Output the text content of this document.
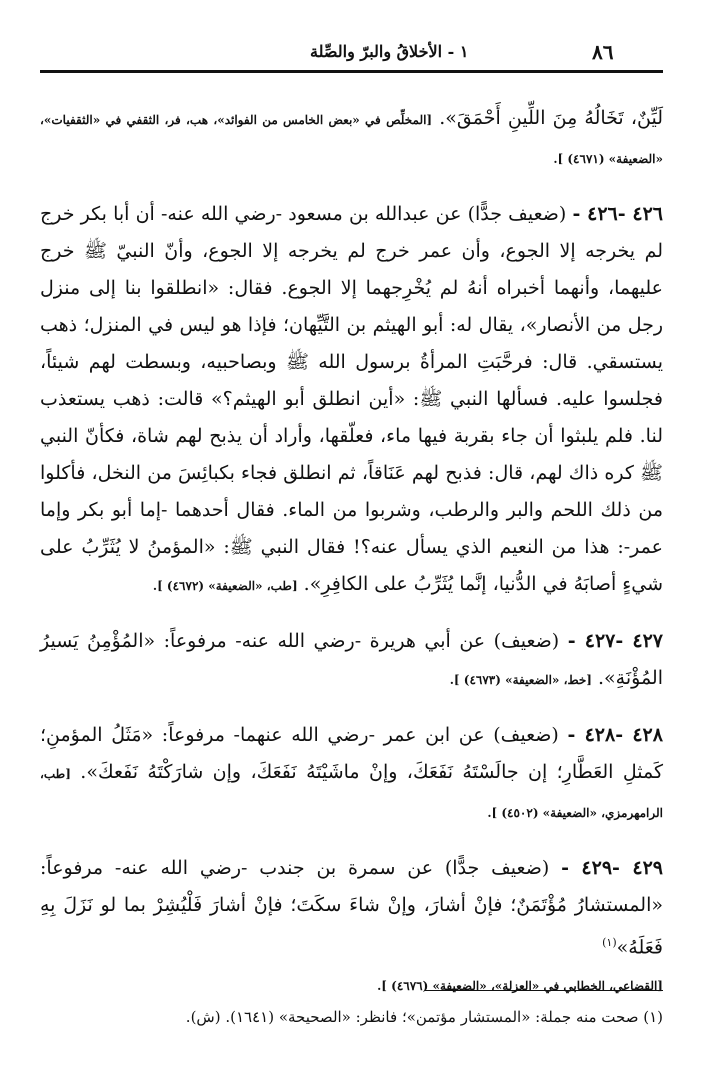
٨٦
١ - الأخلاقُ والبرّ والصِّلة

لَيِّنٌ، تَخَالُهُ مِنَ اللِّينِ أَحْمَقَ». [المخلِّص في «بعض الخامس من الفوائد»، هب، فر، الثقفي في «الثقفيات»، «الضعيفة» (٤٦٧١) ].

٤٢٦ -٤٢٦ - (ضعيف جدًّا) عن عبدالله بن مسعود -رضي الله عنه- أن أبا بكر خرج لم يخرجه إلا الجوع، وأن عمر خرج لم يخرجه إلا الجوع، وأنّ النبيّ ﷺ خرج عليهما، وأنهما أخبراه أنهُ لم يُخْرِجهما إلا الجوع. فقال: «انطلقوا بنا إلى منزل رجل من الأنصار»، يقال له: أبو الهيثم بن التَّيِّهان؛ فإذا هو ليس في المنزل؛ ذهب يستسقي. قال: فرحَّبَتِ المرأةُ برسول الله ﷺ وبصاحبيه، وبسطت لهم شيئاً، فجلسوا عليه. فسألها النبي ﷺ: «أين انطلق أبو الهيثم؟» قالت: ذهب يستعذب لنا. فلم يلبثوا أن جاء بقربة فيها ماء، فعلّقها، وأراد أن يذبح لهم شاة، فكأنّ النبي ﷺ كره ذاك لهم، قال: فذبح لهم عَنَاقاً، ثم انطلق فجاء بكبائِسَ من النخل، فأكلوا من ذلك اللحم والبر والرطب، وشربوا من الماء. فقال أحدهما -إما أبو بكر وإما عمر-: هذا من النعيم الذي يسأل عنه؟! فقال النبي ﷺ: «المؤمنُ لا يُثَرِّبُ على شيءٍ أصابَهُ في الدُّنيا، إنَّما يُثَرِّبُ على الكافِرِ». [طب، «الضعيفة» (٤٦٧٢) ].

٤٢٧ -٤٢٧ - (ضعيف) عن أبي هريرة -رضي الله عنه- مرفوعاً: «المُؤْمِنُ يَسيرُ المُؤْنَةِ». [خط، «الضعيفة» (٤٦٧٣) ].

٤٢٨ -٤٢٨ - (ضعيف) عن ابن عمر -رضي الله عنهما- مرفوعاً: «مَثَلُ المؤمنِ؛ كَمثلِ العَطَّارِ؛ إن جالَسْتَهُ نَفَعَكَ، وإنْ ماشَيْتَهُ نَفَعَكَ، وإن شارَكْتَهُ نَفَعكَ». [طب، الرامهرمزي، «الضعيفة» (٤٥٠٢) ].

٤٢٩ -٤٢٩ - (ضعيف جدًّا) عن سمرة بن جندب -رضي الله عنه- مرفوعاً: «المستشارُ مُؤْتَمَنٌ؛ فإنْ أشارَ، وإنْ شاءَ سكَتَ؛ فإنْ أشارَ فَلْيُشِرْ بما لو نَزَلَ بِهِ فَعَلَهُ»$^{(١)}$
[القضاعي، الخطابي في «العزلة»، «الضعيفة» (٤٦٧٦) ].

(١) صحت منه جملة: «المستشار مؤتمن»؛ فانظر: «الصحيحة» (١٦٤١). (ش).
